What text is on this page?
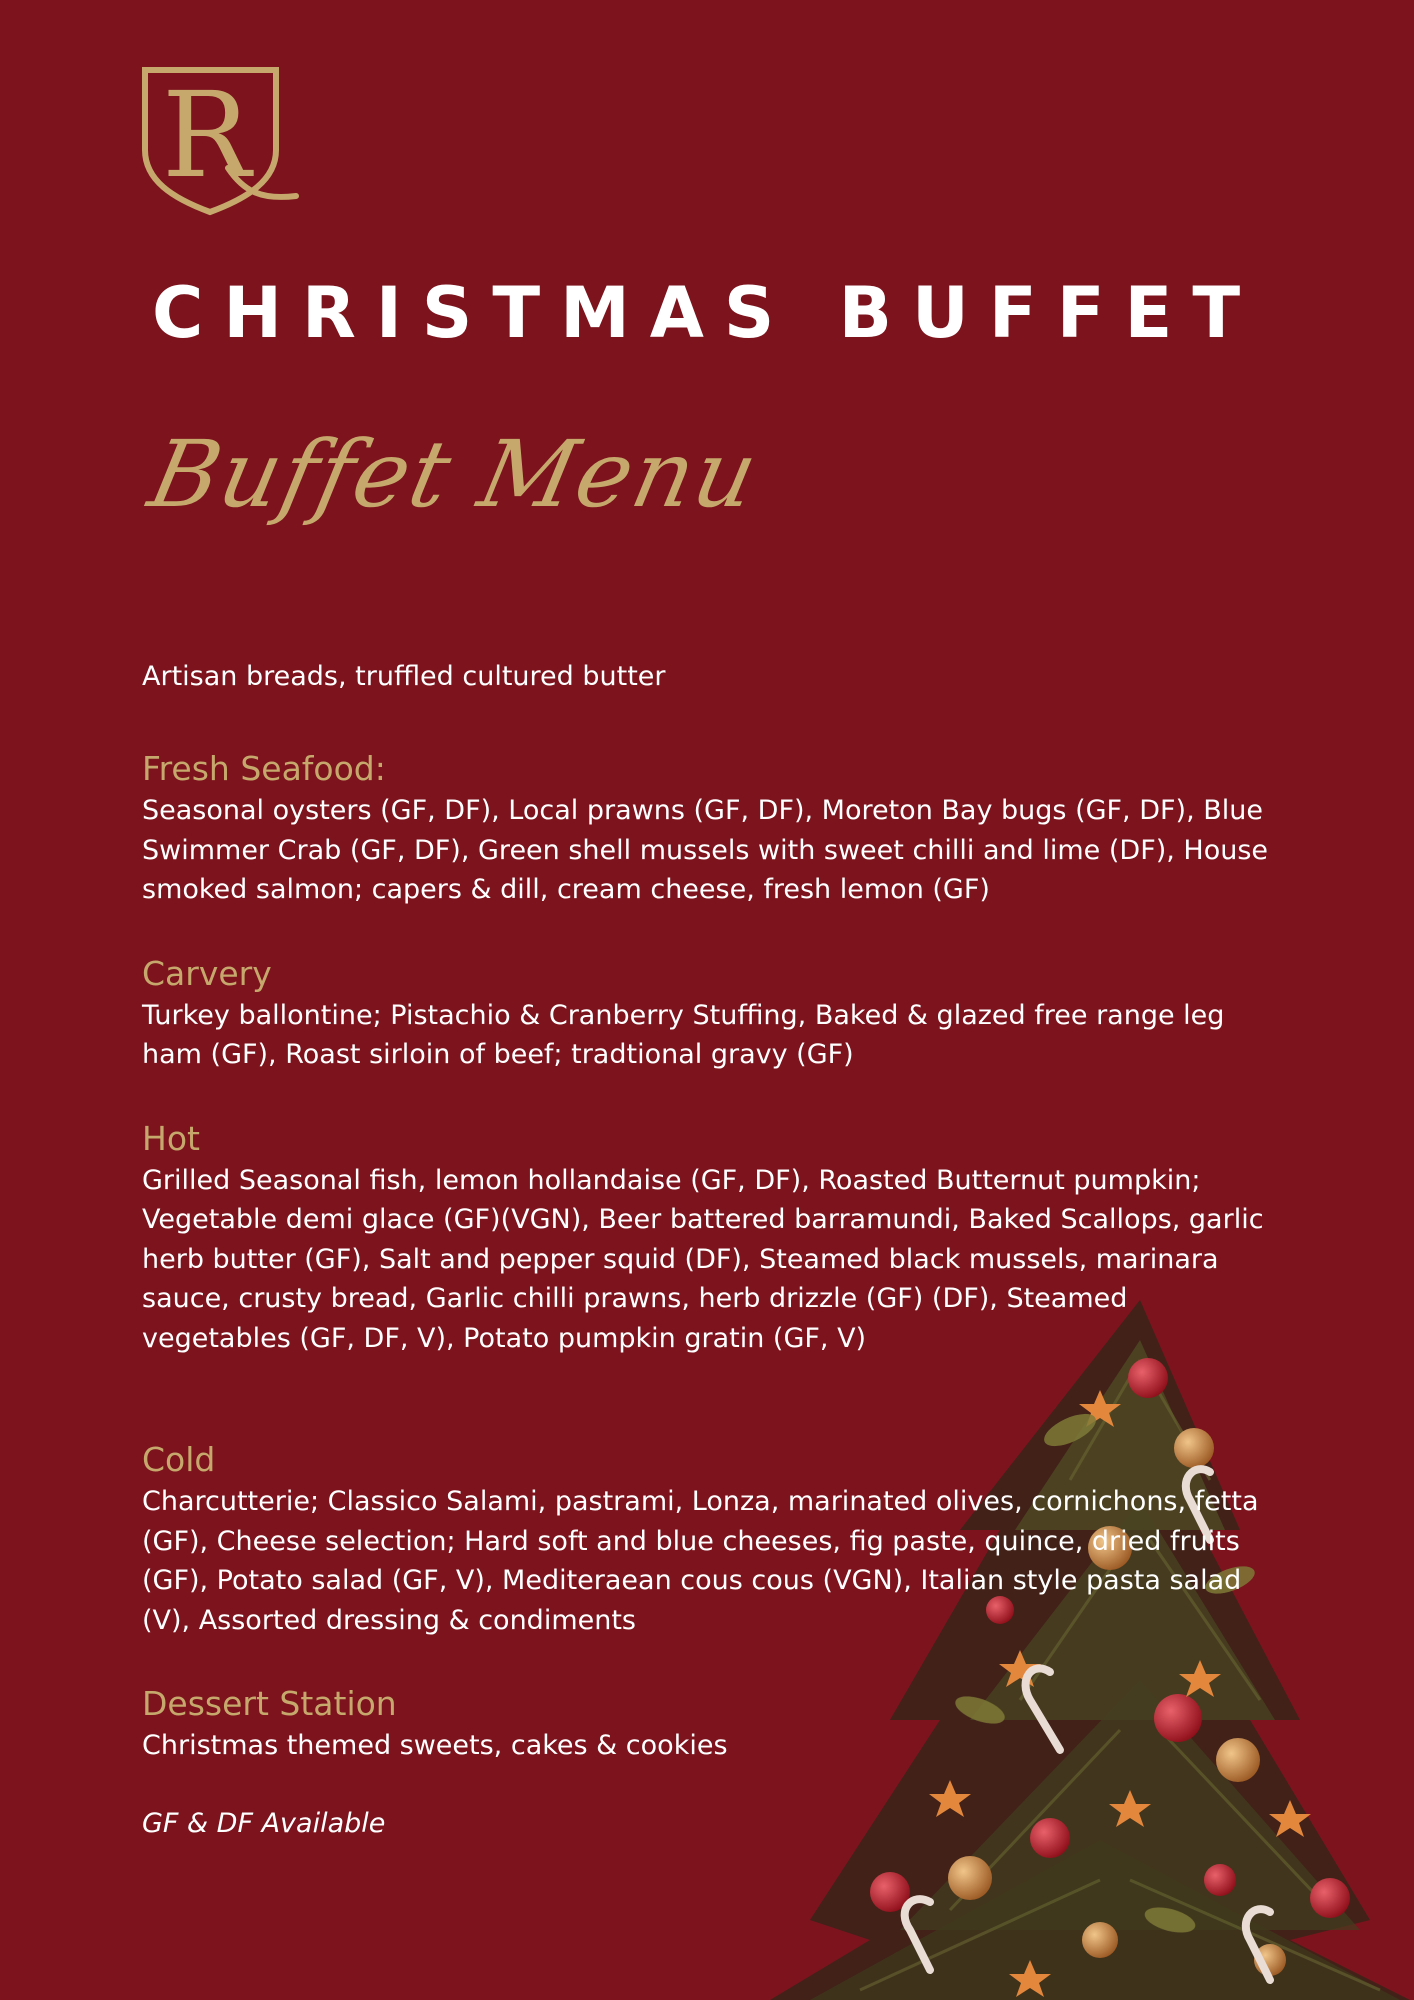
R
CHRISTMAS BUFFET
Buffet Menu

Artisan breads, truffled cultured butter

Fresh Seafood:

Seasonal oysters (GF, DF), Local prawns (GF, DF), Moreton Bay bugs (GF, DF), Blue Swimmer Crab (GF, DF), Green shell mussels with sweet chilli and lime (DF), House smoked salmon; capers & dill, cream cheese, fresh lemon (GF)

Carvery

Turkey ballontine; Pistachio & Cranberry Stuffing, Baked & glazed free range leg ham (GF), Roast sirloin of beef; tradtional gravy (GF)

Hot

Grilled Seasonal fish, lemon hollandaise (GF, DF), Roasted Butternut pumpkin; Vegetable demi glace (GF)(VGN), Beer battered barramundi, Baked Scallops, garlic herb butter (GF), Salt and pepper squid (DF), Steamed black mussels, marinara sauce, crusty bread, Garlic chilli prawns, herb drizzle (GF) (DF), Steamed vegetables (GF, DF, V), Potato pumpkin gratin (GF, V)

Cold

Charcutterie; Classico Salami, pastrami, Lonza, marinated olives, cornichons, fetta (GF), Cheese selection; Hard soft and blue cheeses, fig paste, quince, dried fruits (GF), Potato salad (GF, V), Mediteraean cous cous (VGN), Italian style pasta salad (V), Assorted dressing & condiments

Dessert Station

Christmas themed sweets, cakes & cookies

GF & DF Available
